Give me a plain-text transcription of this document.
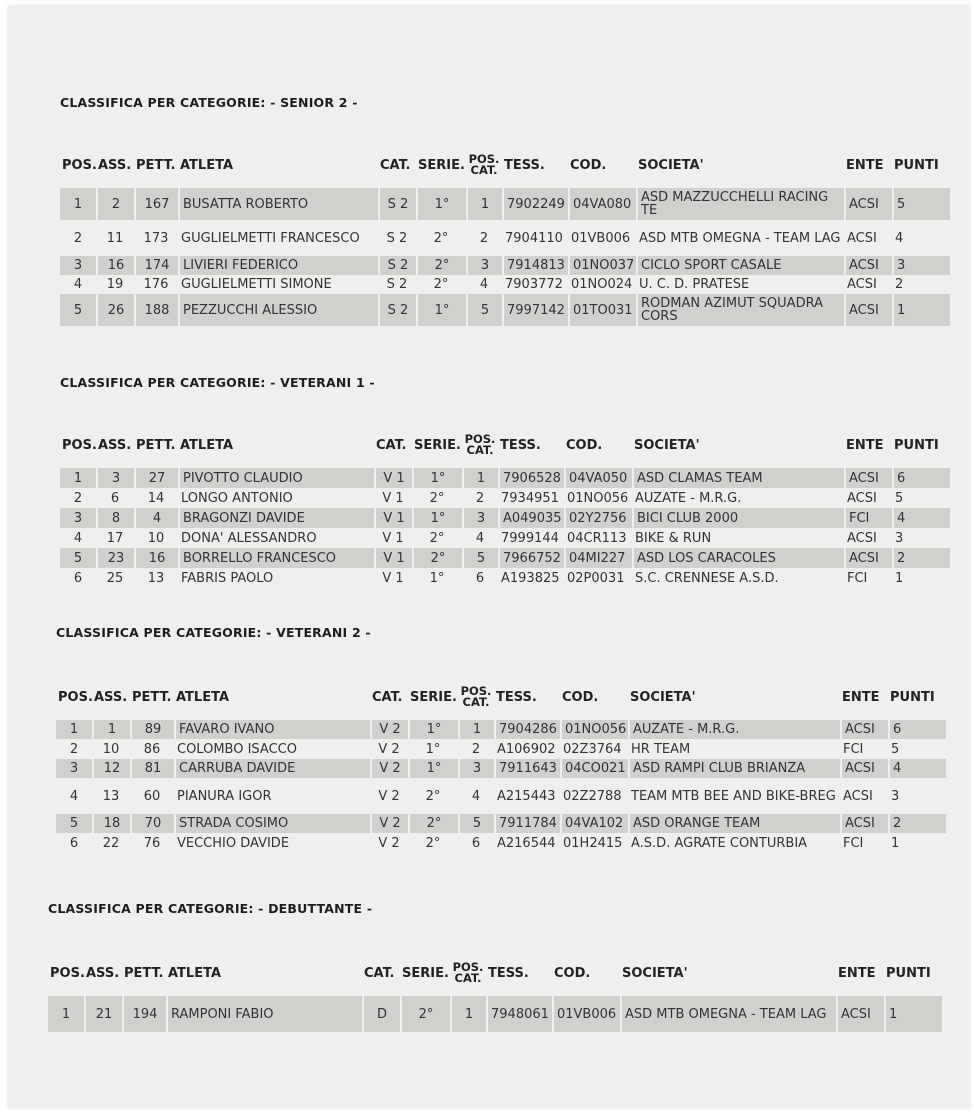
CLASSIFICA PER CATEGORIE: - SENIOR 2 -
POS.	ASS.	PETT.	ATLETA	CAT.	SERIE.	POS.
CAT.	TESS.	COD.	SOCIETA'	ENTE	PUNTI

1	2	167	BUSATTA ROBERTO	S 2	1°	1	7902249	04VA080	ASD MAZZUCCHELLI RACING TE	ACSI	5
2	11	173	GUGLIELMETTI FRANCESCO	S 2	2°	2	7904110	01VB006	ASD MTB OMEGNA - TEAM LAG	ACSI	4
3	16	174	LIVIERI FEDERICO	S 2	2°	3	7914813	01NO037	CICLO SPORT CASALE	ACSI	3
4	19	176	GUGLIELMETTI SIMONE	S 2	2°	4	7903772	01NO024	U. C. D. PRATESE	ACSI	2
5	26	188	PEZZUCCHI ALESSIO	S 2	1°	5	7997142	01TO031	RODMAN AZIMUT SQUADRA CORS	ACSI	1
CLASSIFICA PER CATEGORIE: - VETERANI 1 -
POS.	ASS.	PETT.	ATLETA	CAT.	SERIE.	POS.
CAT.	TESS.	COD.	SOCIETA'	ENTE	PUNTI

1	3	27	PIVOTTO CLAUDIO	V 1	1°	1	7906528	04VA050	ASD CLAMAS TEAM	ACSI	6
2	6	14	LONGO ANTONIO	V 1	2°	2	7934951	01NO056	AUZATE - M.R.G.	ACSI	5
3	8	4	BRAGONZI DAVIDE	V 1	1°	3	A049035	02Y2756	BICI CLUB 2000	FCI	4
4	17	10	DONA' ALESSANDRO	V 1	2°	4	7999144	04CR113	BIKE & RUN	ACSI	3
5	23	16	BORRELLO FRANCESCO	V 1	2°	5	7966752	04MI227	ASD LOS CARACOLES	ACSI	2
6	25	13	FABRIS PAOLO	V 1	1°	6	A193825	02P0031	S.C. CRENNESE A.S.D.	FCI	1
CLASSIFICA PER CATEGORIE: - VETERANI 2 -
POS.	ASS.	PETT.	ATLETA	CAT.	SERIE.	POS.
CAT.	TESS.	COD.	SOCIETA'	ENTE	PUNTI

1	1	89	FAVARO IVANO	V 2	1°	1	7904286	01NO056	AUZATE - M.R.G.	ACSI	6
2	10	86	COLOMBO ISACCO	V 2	1°	2	A106902	02Z3764	HR TEAM	FCI	5
3	12	81	CARRUBA DAVIDE	V 2	1°	3	7911643	04CO021	ASD RAMPI CLUB BRIANZA	ACSI	4
4	13	60	PIANURA IGOR	V 2	2°	4	A215443	02Z2788	TEAM MTB BEE AND BIKE-BREG	ACSI	3
5	18	70	STRADA COSIMO	V 2	2°	5	7911784	04VA102	ASD ORANGE TEAM	ACSI	2
6	22	76	VECCHIO DAVIDE	V 2	2°	6	A216544	01H2415	A.S.D. AGRATE CONTURBIA	FCI	1
CLASSIFICA PER CATEGORIE: - DEBUTTANTE -
POS.	ASS.	PETT.	ATLETA	CAT.	SERIE.	POS.
CAT.	TESS.	COD.	SOCIETA'	ENTE	PUNTI

1	21	194	RAMPONI FABIO	D	2°	1	7948061	01VB006	ASD MTB OMEGNA - TEAM LAG	ACSI	1
